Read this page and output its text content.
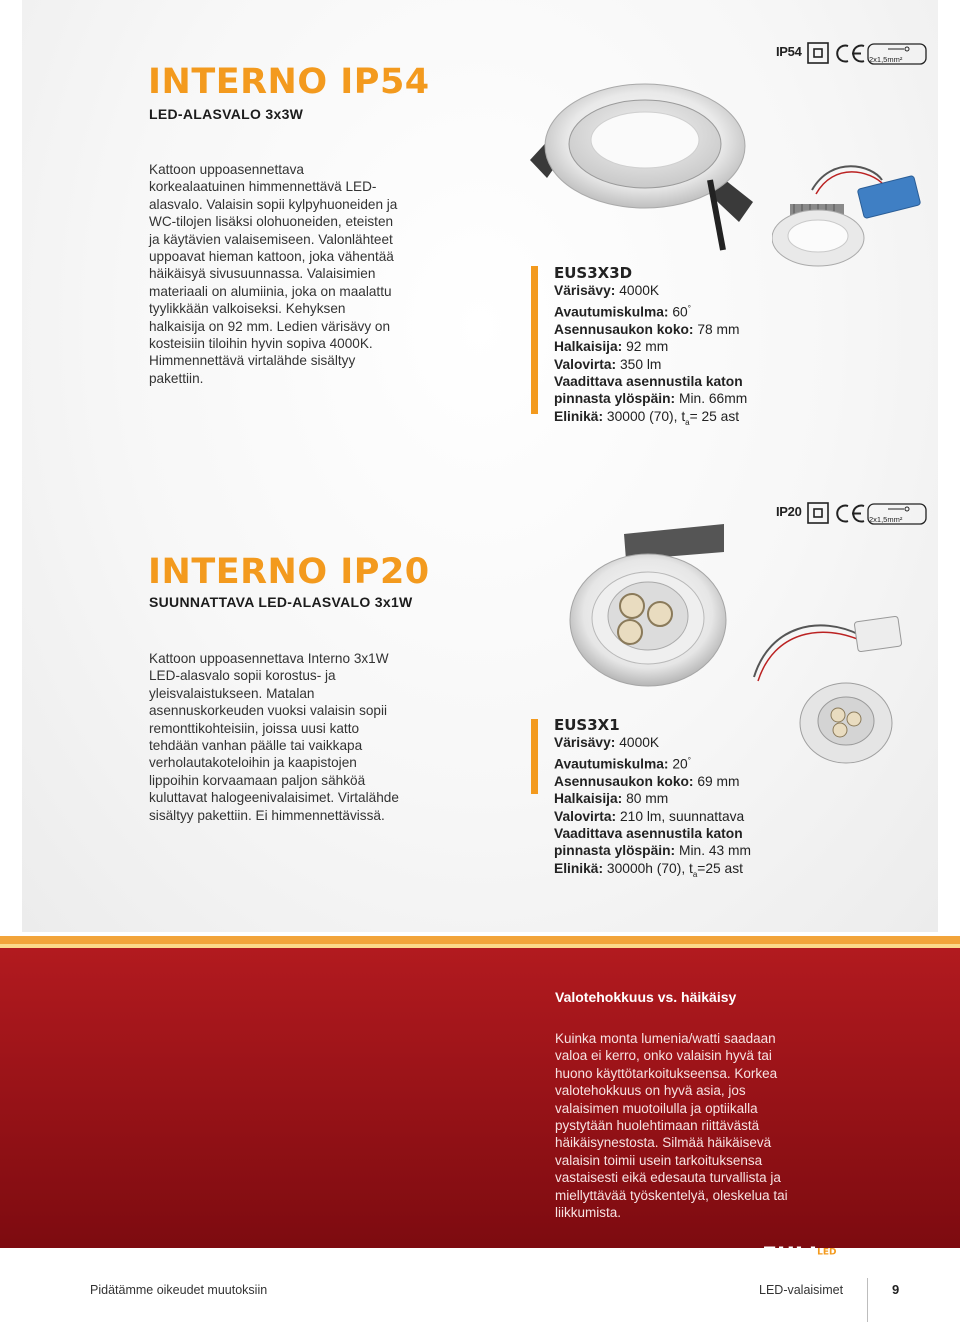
IP54
2x1,5mm²
INTERNO IP54
LED-ALASVALO 3x3W

Kattoon uppoasennettava korkealaatuinen himmennettävä LED-alasvalo. Valaisin sopii kylpyhuoneiden ja WC-tilojen lisäksi olohuoneiden, eteisten ja käytävien valaisemiseen. Valonlähteet uppoavat hieman kattoon, joka vähentää häikäisyä sivusuunnassa. Valaisimien materiaali on alumiinia, joka on maalattu tyylikkään valkoiseksi. Kehyksen halkaisija on 92 mm. Ledien värisävy on kosteisiin tiloihin hyvin sopiva 4000K. Himmennettävä virtalähde sisältyy pakettiin.

EUS3X3D

Värisävy: 4000K

Avautumiskulma: 60°

Asennusaukon koko: 78 mm

Halkaisija: 92 mm

Valovirta: 350 lm

Vaadittava asennustila katon

pinnasta ylöspäin: Min. 66mm

Elinikä: 30000 (70), $t_a= 25$ ast

IP20
2x1,5mm²
INTERNO IP20
SUUNNATTAVA LED-ALASVALO 3x1W

Kattoon uppoasennettava Interno 3x1W LED-alasvalo sopii korostus- ja yleisvalaistukseen. Matalan asennuskorkeuden vuoksi valaisin sopii remonttikohteisiin, joissa uusi katto tehdään vanhan päälle tai vaikkapa verholautakoteloihin ja kaapistojen lippoihin korvaamaan paljon sähköä kuluttavat halogeenivalaisimet. Virtalähde sisältyy pakettiin. Ei himmennettävissä.

EUS3X1

Värisävy: 4000K

Avautumiskulma: 20°

Asennusaukon koko: 69 mm

Halkaisija: 80 mm

Valovirta: 210 lm, suunnattava

Vaadittava asennustila katon

pinnasta ylöspäin: Min. 43 mm

Elinikä: 30000h (70), $t_a=25$ ast

Valotehokkuus vs. häikäisy

Kuinka monta lumenia/watti saadaan valoa ei kerro, onko valaisin hyvä tai huono käyttötarkoitukseensa. Korkea valotehokkuus on hyvä asia, jos valaisimen muotoilulla ja optiikalla pystytään huolehtimaan riittävästä häikäisynestosta. Silmää häikäisevä valaisin toimii usein tarkoituksensa vastaisesti eikä edesauta turvallista ja miellyttävää työskentelyä, oleskelua tai liikkumista.

$EULI^{LED}$

Pidätämme oikeudet muutoksiin	LED-valaisimet	9
